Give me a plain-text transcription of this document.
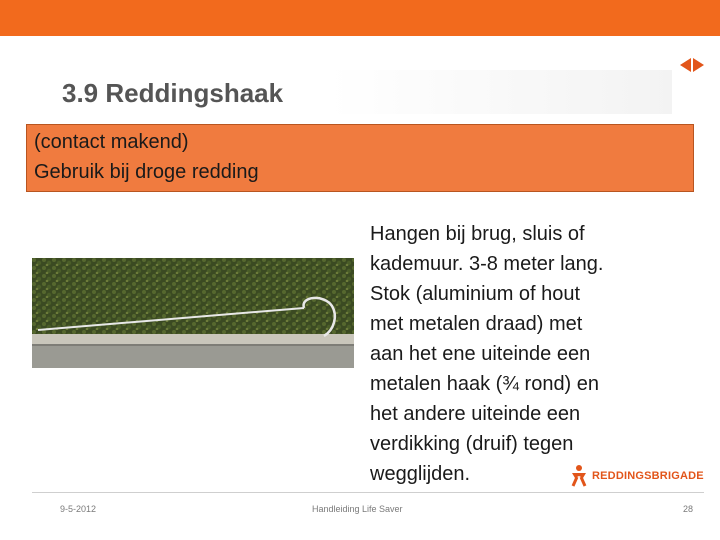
3.9 Reddingshaak
(contact makend)
Gebruik bij droge redding
Hangen bij brug, sluis of
kademuur. 3-8 meter lang.
Stok (aluminium of hout
met metalen draad) met
aan het ene uiteinde een
metalen haak (¾ rond) en
het andere uiteinde een
verdikking (druif) tegen
wegglijden.	REDDINGSBRIGADE
9-5-2012	Handleiding Life Saver	28
